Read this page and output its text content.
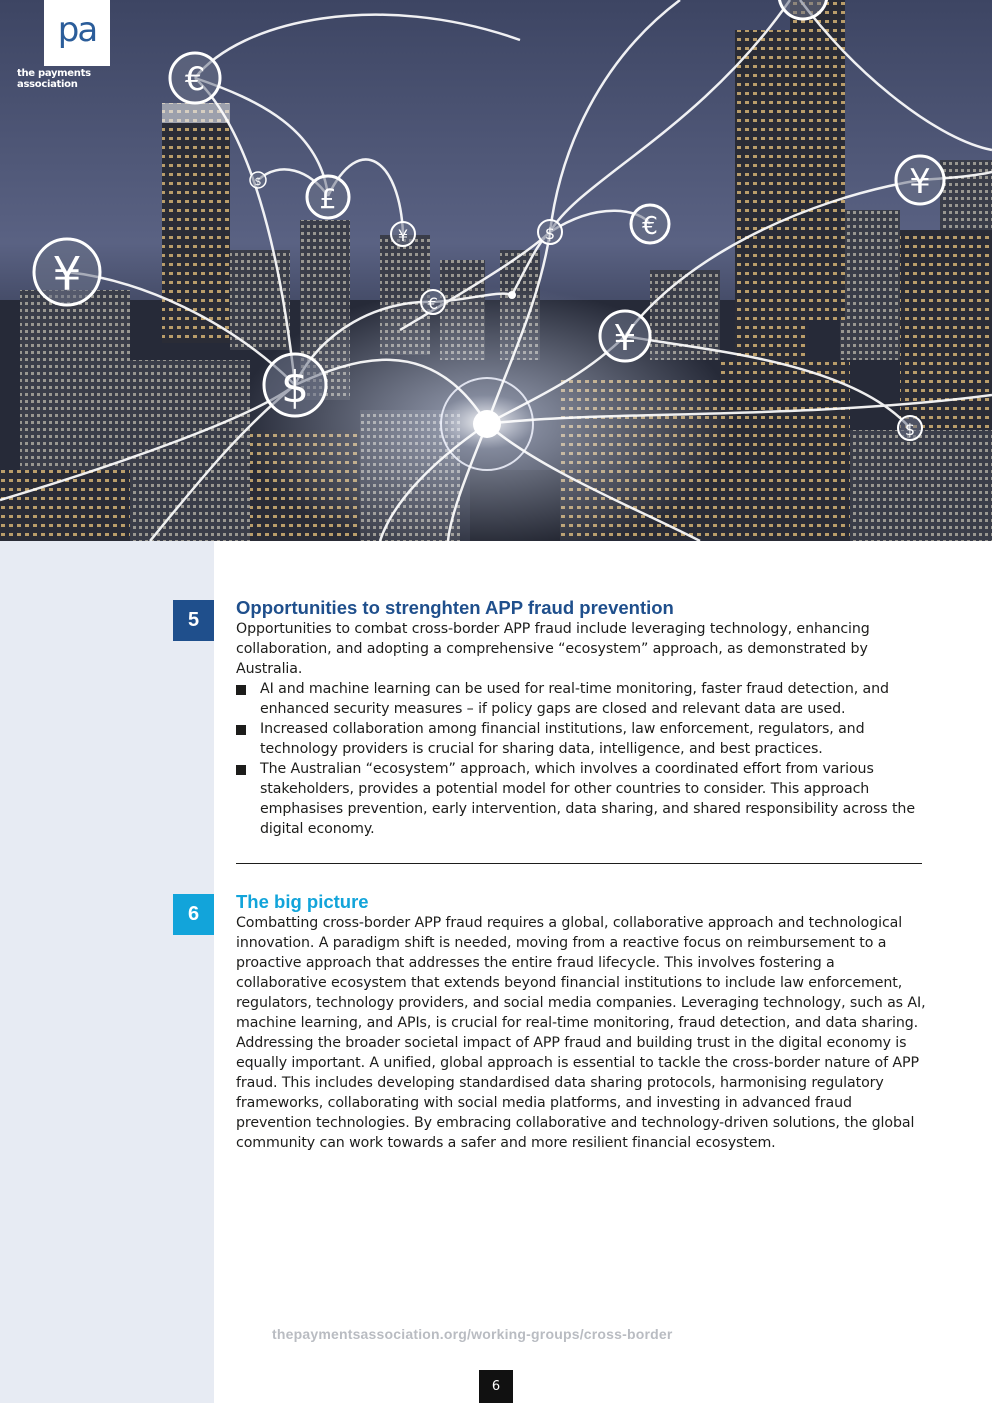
€
£
$
¥
¥
$
$	€
€
¥
¥
$
pa
the payments association
5
Opportunities to strenghten APP fraud prevention

Opportunities to combat cross-border APP fraud include leveraging technology, enhancing collaboration, and adopting a comprehensive “ecosystem” approach, as demonstrated by Australia.

AI and machine learning can be used for real-time monitoring, faster fraud detection, and enhanced security measures – if policy gaps are closed and relevant data are used.
Increased collaboration among financial institutions, law enforcement, regulators, and technology providers is crucial for sharing data, intelligence, and best practices.
The Australian “ecosystem” approach, which involves a coordinated effort from various stakeholders, provides a potential model for other countries to consider. This approach emphasises prevention, early intervention, data sharing, and shared responsibility across the digital economy.
6
The big picture

Combatting cross-border APP fraud requires a global, collaborative approach and technological innovation. A paradigm shift is needed, moving from a reactive focus on reimbursement to a proactive approach that addresses the entire fraud lifecycle. This involves fostering a collaborative ecosystem that extends beyond financial institutions to include law enforcement, regulators, technology providers, and social media companies. Leveraging technology, such as AI, machine learning, and APIs, is crucial for real-time monitoring, fraud detection, and data sharing. Addressing the broader societal impact of APP fraud and building trust in the digital economy is equally important. A unified, global approach is essential to tackle the cross-border nature of APP fraud. This includes developing standardised data sharing protocols, harmonising regulatory frameworks, collaborating with social media platforms, and investing in advanced fraud prevention technologies. By embracing collaborative and technology-driven solutions, the global community can work towards a safer and more resilient financial ecosystem.

thepaymentsassociation.org/working-groups/cross-border
6
